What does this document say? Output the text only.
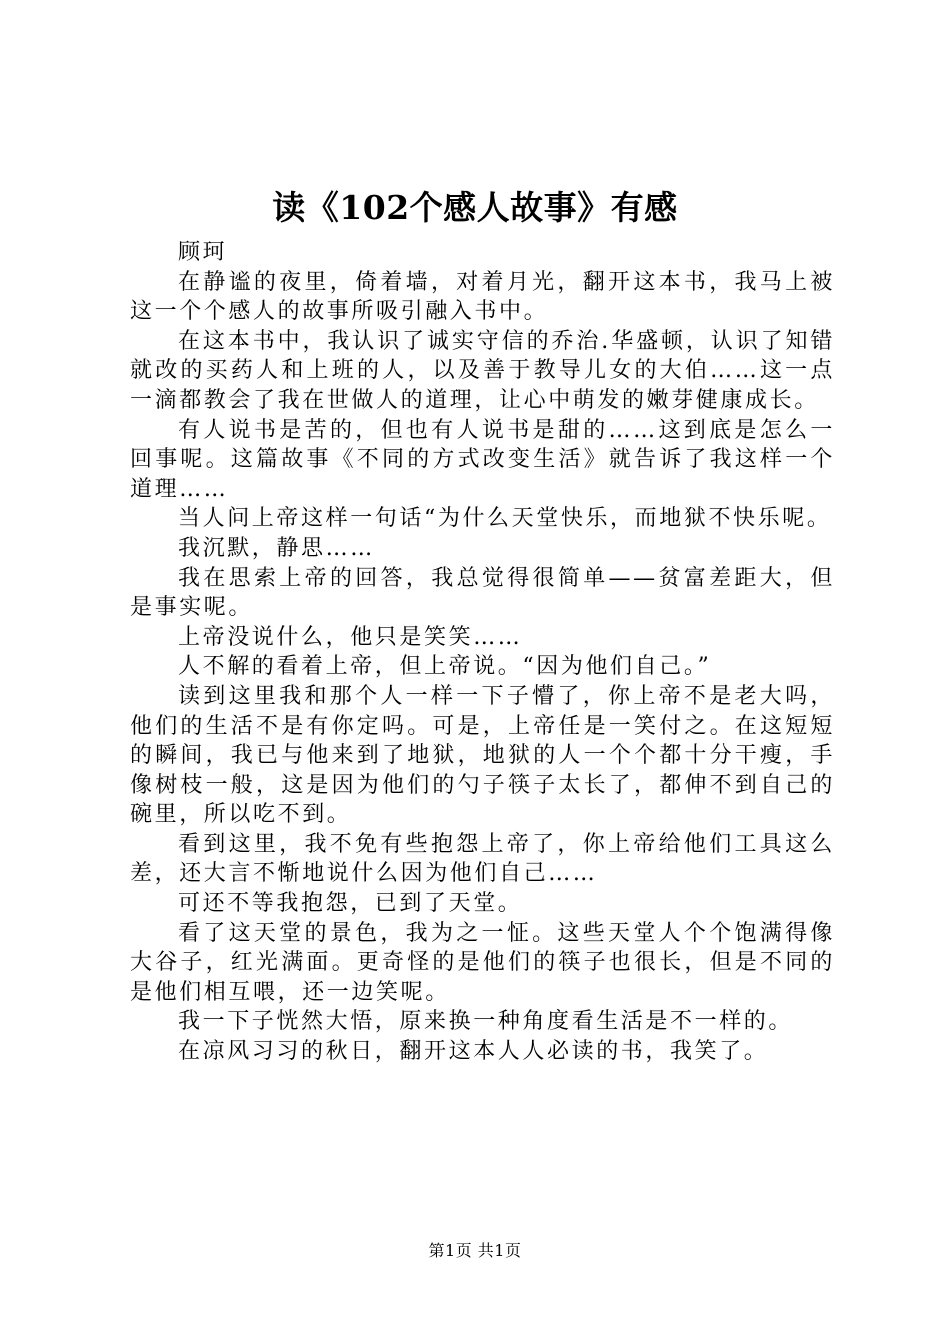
读《102个感人故事》有感

顾珂

在静谧的夜里，倚着墙，对着月光，翻开这本书，我马上被这一个个感人的故事所吸引融入书中。

在这本书中，我认识了诚实守信的乔治.华盛顿，认识了知错就改的买药人和上班的人，以及善于教导儿女的大伯……这一点一滴都教会了我在世做人的道理，让心中萌发的嫩芽健康成长。

有人说书是苦的，但也有人说书是甜的……这到底是怎么一回事呢。这篇故事《不同的方式改变生活》就告诉了我这样一个道理……

当人问上帝这样一句话“为什么天堂快乐，而地狱不快乐呢。

我沉默，静思……

我在思索上帝的回答，我总觉得很简单——贫富差距大，但是事实呢。

上帝没说什么，他只是笑笑……

人不解的看着上帝，但上帝说。“因为他们自己。”

读到这里我和那个人一样一下子懵了，你上帝不是老大吗，他们的生活不是有你定吗。可是，上帝任是一笑付之。在这短短的瞬间，我已与他来到了地狱，地狱的人一个个都十分干瘦，手像树枝一般，这是因为他们的勺子筷子太长了，都伸不到自己的碗里，所以吃不到。

看到这里，我不免有些抱怨上帝了，你上帝给他们工具这么差，还大言不惭地说什么因为他们自己……

可还不等我抱怨，已到了天堂。

看了这天堂的景色，我为之一怔。这些天堂人个个饱满得像大谷子，红光满面。更奇怪的是他们的筷子也很长，但是不同的是他们相互喂，还一边笑呢。

我一下子恍然大悟，原来换一种角度看生活是不一样的。

在凉风习习的秋日，翻开这本人人必读的书，我笑了。

第1页 共1页
